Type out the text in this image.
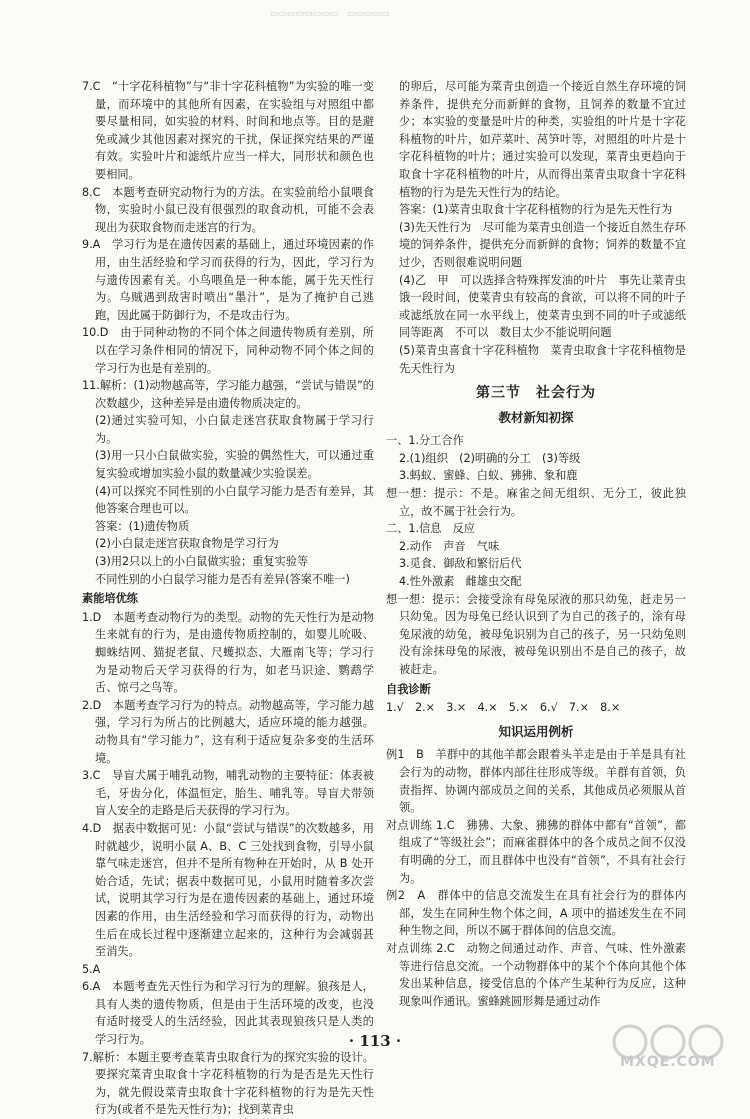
▭▭▭▭▭▭▭▭　▭▭▭▭▭

7.C　“十字花科植物”与“非十字花科植物”为实验的唯一变量，而环境中的其他所有因素，在实验组与对照组中都要尽量相同，如实验的材料、时间和地点等。目的是避免或减少其他因素对探究的干扰，保证探究结果的严谨有效。实验叶片和滤纸片应当一样大，同形状和颜色也要相同。

8.C　本题考查研究动物行为的方法。在实验前给小鼠喂食物，实验时小鼠已没有很强烈的取食动机，可能不会表现出为获取食物而走迷宫的行为。

9.A　学习行为是在遗传因素的基础上，通过环境因素的作用，由生活经验和学习而获得的行为，因此，学习行为与遗传因素有关。小鸟喂鱼是一种本能，属于先天性行为。乌贼遇到敌害时喷出“墨汁”，是为了掩护自己逃跑，因此属于防御行为，不是攻击行为。

10.D　由于同种动物的不同个体之间遗传物质有差别，所以在学习条件相同的情况下，同种动物不同个体之间的学习行为也是有差别的。

11.解析：(1)动物越高等，学习能力越强，“尝试与错误”的次数越少，这种差异是由遗传物质决定的。

(2)通过实验可知，小白鼠走迷宫获取食物属于学习行为。

(3)用一只小白鼠做实验，实验的偶然性大，可以通过重复实验或增加实验小鼠的数量减少实验误差。

(4)可以探究不同性别的小白鼠学习能力是否有差异，其他答案合理也可以。

答案：(1)遗传物质

(2)小白鼠走迷宫获取食物是学习行为

(3)用2只以上的小白鼠做实验；重复实验等

不同性别的小白鼠学习能力是否有差异(答案不唯一)

素能培优练

1.D　本题考查动物行为的类型。动物的先天性行为是动物生来就有的行为，是由遗传物质控制的，如婴儿吮吸、蜘蛛结网、猫捉老鼠、尺蠖拟态、大雁南飞等；学习行为是动物后天学习获得的行为，如老马识途、鹦鹉学舌、惊弓之鸟等。

2.D　本题考查学习行为的特点。动物越高等，学习能力越强，学习行为所占的比例越大，适应环境的能力越强。动物具有“学习能力”，这有利于适应复杂多变的生活环境。

3.C　导盲犬属于哺乳动物，哺乳动物的主要特征：体表被毛，牙齿分化，体温恒定，胎生、哺乳等。导盲犬带领盲人安全的走路是后天获得的学习行为。

4.D　据表中数据可见：小鼠“尝试与错误”的次数越多，用时就越少，说明小鼠 A、B、C 三处找到食物，引导小鼠靠气味走迷宫，但并不是所有物种在开始时，从 B 处开始合适，先试；据表中数据可见，小鼠用时随着多次尝试，说明其学习行为是在遗传因素的基础上，通过环境因素的作用，由生活经验和学习而获得的行为，动物出生后在成长过程中逐渐建立起来的，这种行为会减弱甚至消失。

5.A

6.A　本题考查先天性行为和学习行为的理解。狼孩是人，具有人类的遗传物质，但是由于生活环境的改变，也没有适时接受人的生活经验，因此其表现狼孩只是人类的学习行为。

7.解析：本题主要考查菜青虫取食行为的探究实验的设计。要探究菜青虫取食十字花科植物的行为是否是先天性行为，就先假设菜青虫取食十字花科植物的行为是先天性行为(或者不是先天性行为)；找到菜青虫

的卵后，尽可能为菜青虫创造一个接近自然生存环境的饲养条件，提供充分而新鲜的食物，且饲养的数量不宜过少；本实验的变量是叶片的种类，实验组的叶片是十字花科植物的叶片，如芹菜叶、莴笋叶等，对照组的叶片是十字花科植物的叶片；通过实验可以发现，菜青虫更趋向于取食十字花科植物的叶片，从而得出菜青虫取食十字花科植物的行为是先天性行为的结论。

答案：(1)菜青虫取食十字花科植物的行为是先天性行为

(3)先天性行为　尽可能为菜青虫创造一个接近自然生存环境的饲养条件，提供充分而新鲜的食物；饲养的数量不宜过少，否则很难说明问题

(4)乙　甲　可以选择含特殊挥发油的叶片　事先让菜青虫饿一段时间，使菜青虫有较高的食欲，可以将不同的叶子或滤纸放在同一水平线上，使菜青虫到不同的叶子或滤纸同等距离　不可以　数目太少不能说明问题

(5)菜青虫喜食十字花科植物　菜青虫取食十字花科植物是先天性行为

第三节　社会行为

教材新知初探

一、1.分工合作

2.(1)组织　(2)明确的分工　(3)等级

3.蚂蚁、蜜蜂、白蚁、狒狒、象和鹿

想一想：提示：不是。麻雀之间无组织、无分工，彼此独立，故不属于社会行为。

二、1.信息　反应

2.动作　声音　气味

3.觅食、御敌和繁衍后代

4.性外激素　雌雄虫交配

想一想：提示：会接受涂有母兔尿液的那只幼兔，赶走另一只幼兔。因为母兔已经认识到了为自己的孩子的，涂有母兔尿液的幼兔，被母兔识别为自己的孩子，另一只幼兔则没有涂抹母兔的尿液，被母兔识别出不是自己的孩子，故被赶走。

自我诊断

1.√　2.×　3.×　4.×　5.×　6.√　7.×　8.×

知识运用例析

例1　B　羊群中的其他羊都会跟着头羊走是由于羊是具有社会行为的动物，群体内部往往形成等级。羊群有首领，负责指挥、协调内部成员之间的关系，其他成员必须服从首领。

对点训练 1.C　狒狒、大象、狒狒的群体中都有“首领”，都组成了“等级社会”；而麻雀群体中的各个成员之间不仅没有明确的分工，而且群体中也没有“首领”，不具有社会行为。

例2　A　群体中的信息交流发生在具有社会行为的群体内部，发生在同种生物个体之间，A 项中的描述发生在不同种生物之间，所以不属于群体间的信息交流。

对点训练 2.C　动物之间通过动作、声音、气味、性外激素等进行信息交流。一个动物群体中的某个个体向其他个体发出某种信息，接受信息的个体产生某种行为反应，这种现象叫作通讯。蜜蜂跳圆形舞是通过动作

· 113 ·
MXQE.COM
